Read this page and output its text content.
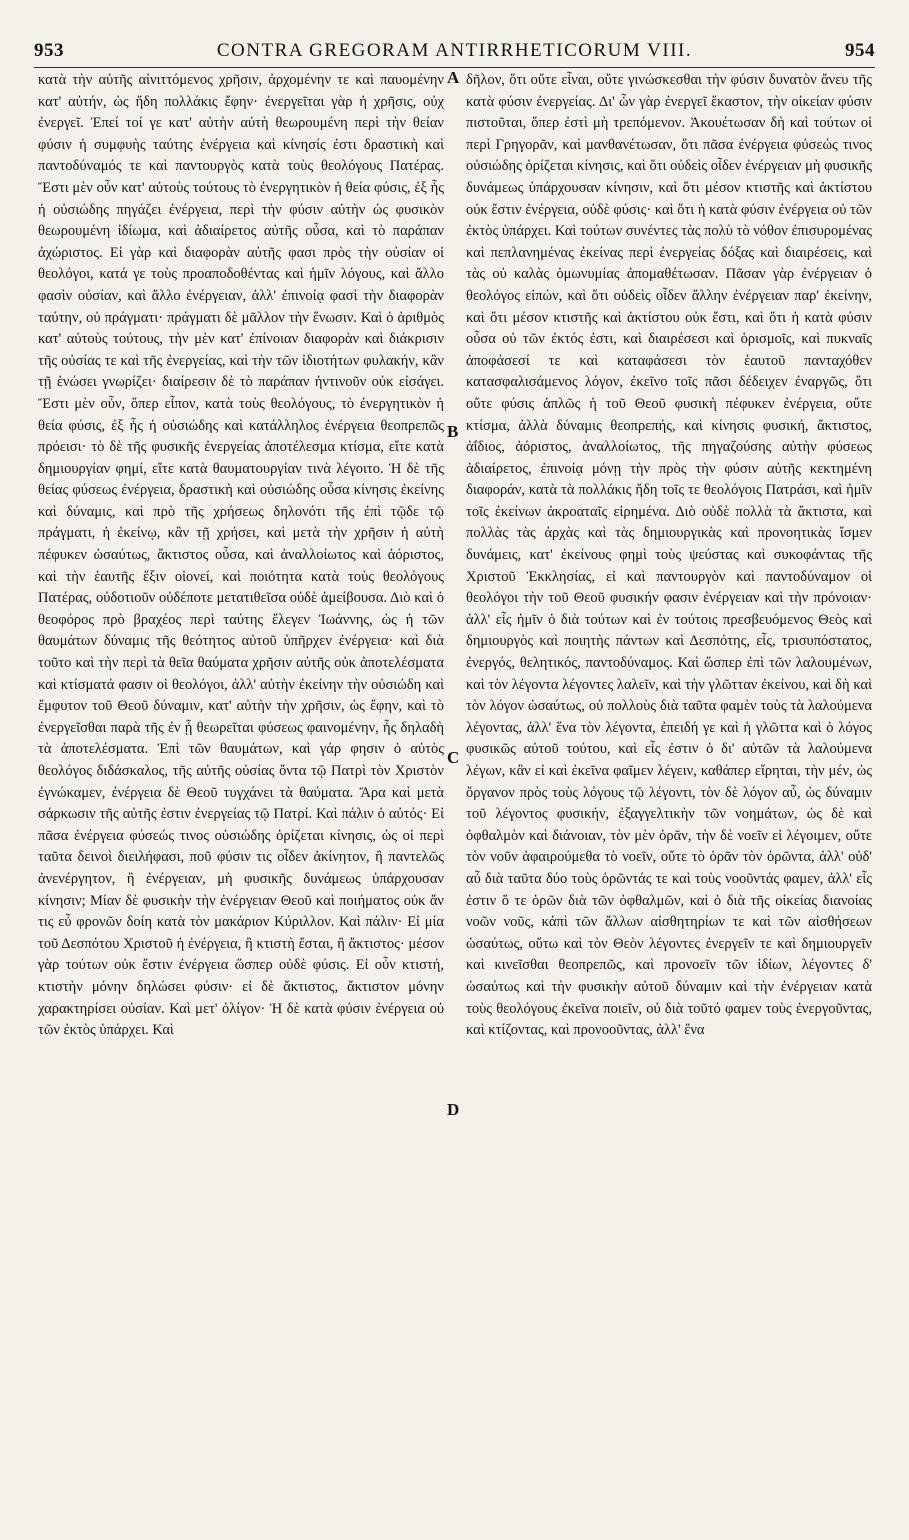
953	CONTRA GREGORAM ANTIRRHETICORUM VIII.	954

κατὰ τὴν αὐτῆς αἰνιττόμενος χρῆσιν, ἀρχομένην τε καὶ παυομένην κατ' αὐτήν, ὡς ἤδη πολλάκις ἔφην· ἐνεργεῖται γὰρ ἡ χρῆσις, οὐχ ἐνεργεῖ. Ἐπεί τοί γε κατ' αὐτὴν αὐτὴ θεωρουμένη περὶ τὴν θείαν φύσιν ἡ συμφυὴς ταύτης ἐνέργεια καὶ κίνησίς ἐστι δραστικὴ καὶ παντοδύναμός τε καὶ παντουργὸς κατὰ τοὺς θεολόγους Πατέρας. Ἔστι μὲν οὖν κατ' αὐτοὺς τούτους τὸ ἐνεργητικὸν ἡ θεία φύσις, ἐξ ἧς ἡ οὐσιώδης πηγάζει ἐνέργεια, περὶ τὴν φύσιν αὐτὴν ὡς φυσικὸν θεωρουμένη ἰδίωμα, καὶ ἀδιαίρετος αὐτῆς οὖσα, καὶ τὸ παράπαν ἀχώριστος. Εἰ γὰρ καὶ διαφορὰν αὐτῆς φασι πρὸς τὴν οὐσίαν οἱ θεολόγοι, κατά γε τοὺς προαποδοθέντας καὶ ἡμῖν λόγους, καὶ ἄλλο φασὶν οὐσίαν, καὶ ἄλλο ἐνέργειαν, ἀλλ' ἐπινοίᾳ φασὶ τὴν διαφορὰν ταύτην, οὐ πράγματι· πράγματι δὲ μᾶλλον τὴν ἕνωσιν. Καὶ ὁ ἀριθμὸς κατ' αὐτοὺς τούτους, τὴν μὲν κατ' ἐπίνοιαν διαφορὰν καὶ διάκρισιν τῆς οὐσίας τε καὶ τῆς ἐνεργείας, καὶ τὴν τῶν ἰδιοτήτων φυλακήν, κἂν τῇ ἑνώσει γνωρίζει· διαίρεσιν δὲ τὸ παράπαν ἡντινοῦν οὐκ εἰσάγει. Ἔστι μὲν οὖν, ὅπερ εἶπον, κατὰ τοὺς θεολόγους, τὸ ἐνεργητικὸν ἡ θεία φύσις, ἐξ ἧς ἡ οὐσιώδης καὶ κατάλληλος ἐνέργεια θεοπρεπῶς πρόεισι· τὸ δὲ τῆς φυσικῆς ἐνεργείας ἀποτέλεσμα κτίσμα, εἴτε κατὰ δημιουργίαν φημί, εἴτε κατὰ θαυματουργίαν τινὰ λέγοιτο. Ἡ δὲ τῆς θείας φύσεως ἐνέργεια, δραστικὴ καὶ οὐσιώδης οὖσα κίνησις ἐκείνης καὶ δύναμις, καὶ πρὸ τῆς χρήσεως δηλονότι τῆς ἐπὶ τῷδε τῷ πράγματι, ἡ ἐκείνῳ, κἂν τῇ χρήσει, καὶ μετὰ τὴν χρῆσιν ἡ αὐτὴ πέφυκεν ὡσαύτως, ἄκτιστος οὖσα, καὶ ἀναλλοίωτος καὶ ἀόριστος, καὶ τὴν ἑαυτῆς ἕξιν οἱονεί, καὶ ποιότητα κατὰ τοὺς θεολόγους Πατέρας, οὐδοτιοῦν οὐδέποτε μετατιθεῖσα οὐδὲ ἀμείβουσα. Διὸ καὶ ὁ θεοφόρος πρὸ βραχέος περὶ ταύτης ἔλεγεν Ἰωάννης, ὡς ἡ τῶν θαυμάτων δύναμις τῆς θεότητος αὐτοῦ ὑπῆρχεν ἐνέργεια· καὶ διὰ τοῦτο καὶ τὴν περὶ τὰ θεῖα θαύματα χρῆσιν αὐτῆς οὐκ ἀποτελέσματα καὶ κτίσματά φασιν οἱ θεολόγοι, ἀλλ' αὐτὴν ἐκείνην τὴν οὐσιώδη καὶ ἔμφυτον τοῦ Θεοῦ δύναμιν, κατ' αὐτὴν τὴν χρῆσιν, ὡς ἔφην, καὶ τὸ ἐνεργεῖσθαι παρὰ τῆς ἐν ᾗ θεωρεῖται φύσεως φαινομένην, ἧς δηλαδὴ τὰ ἀποτελέσματα. Ἐπὶ τῶν θαυμάτων, καὶ γάρ φησιν ὁ αὐτὸς θεολόγος διδάσκαλος, τῆς αὐτῆς οὐσίας ὄντα τῷ Πατρὶ τὸν Χριστὸν ἐγνώκαμεν, ἐνέργεια δὲ Θεοῦ τυγχάνει τὰ θαύματα. Ἄρα καὶ μετὰ σάρκωσιν τῆς αὐτῆς ἐστιν ἐνεργείας τῷ Πατρί. Καὶ πάλιν ὁ αὐτός· Εἰ πᾶσα ἐνέργεια φύσεώς τινος οὐσιώδης ὁρίζεται κίνησις, ὡς οἱ περὶ ταῦτα δεινοὶ διειλήφασι, ποῦ φύσιν τις οἶδεν ἀκίνητον, ἢ παντελῶς ἀνενέργητον, ἢ ἐνέργειαν, μὴ φυσικῆς δυνάμεως ὑπάρχουσαν κίνησιν; Μίαν δὲ φυσικὴν τὴν ἐνέργειαν Θεοῦ καὶ ποιήματος οὐκ ἄν τις εὖ φρονῶν δοίη κατὰ τὸν μακάριον Κύριλλον. Καὶ πάλιν· Εἰ μία τοῦ Δεσπότου Χριστοῦ ἡ ἐνέργεια, ἢ κτιστὴ ἔσται, ἢ ἄκτιστος· μέσον γὰρ τούτων οὐκ ἔστιν ἐνέργεια ὥσπερ οὐδὲ φύσις. Εἰ οὖν κτιστή, κτιστὴν μόνην δηλώσει φύσιν· εἰ δὲ ἄκτιστος, ἄκτιστον μόνην χαρακτηρίσει οὐσίαν. Καὶ μετ' ὀλίγον· Ἡ δὲ κατὰ φύσιν ἐνέργεια οὐ τῶν ἐκτὸς ὑπάρχει. Καὶ

δῆλον, ὅτι οὔτε εἶναι, οὔτε γινώσκεσθαι τὴν φύσιν δυνατὸν ἄνευ τῆς κατὰ φύσιν ἐνεργείας. Δι' ὧν γὰρ ἐνεργεῖ ἕκαστον, τὴν οἰκείαν φύσιν πιστοῦται, ὅπερ ἐστὶ μὴ τρεπόμενον. Ἀκουέτωσαν δὴ καὶ τούτων οἱ περὶ Γρηγορᾶν, καὶ μανθανέτωσαν, ὅτι πᾶσα ἐνέργεια φύσεώς τινος οὐσιώδης ὁρίζεται κίνησις, καὶ ὅτι οὐδεὶς οἶδεν ἐνέργειαν μὴ φυσικῆς δυνάμεως ὑπάρχουσαν κίνησιν, καὶ ὅτι μέσον κτιστῆς καὶ ἀκτίστου οὐκ ἔστιν ἐνέργεια, οὐδὲ φύσις· καὶ ὅτι ἡ κατὰ φύσιν ἐνέργεια οὐ τῶν ἐκτὸς ὑπάρχει. Καὶ τούτων συνέντες τὰς πολὺ τὸ νόθον ἐπισυρομένας καὶ πεπλανημένας ἐκείνας περὶ ἐνεργείας δόξας καὶ διαιρέσεις, καὶ τὰς οὐ καλὰς ὁμωνυμίας ἀπομαθέτωσαν. Πᾶσαν γὰρ ἐνέργειαν ὁ θεολόγος εἰπών, καὶ ὅτι οὐδεὶς οἶδεν ἄλλην ἐνέργειαν παρ' ἐκείνην, καὶ ὅτι μέσον κτιστῆς καὶ ἀκτίστου οὐκ ἔστι, καὶ ὅτι ἡ κατὰ φύσιν οὖσα οὐ τῶν ἐκτός ἐστι, καὶ διαιρέσεσι καὶ ὁρισμοῖς, καὶ πυκναῖς ἀποφάσεσί τε καὶ καταφάσεσι τὸν ἑαυτοῦ πανταχόθεν κατασφαλισάμενος λόγον, ἐκεῖνο τοῖς πᾶσι δέδειχεν ἐναργῶς, ὅτι οὔτε φύσις ἁπλῶς ἡ τοῦ Θεοῦ φυσικὴ πέφυκεν ἐνέργεια, οὔτε κτίσμα, ἀλλὰ δύναμις θεοπρεπής, καὶ κίνησις φυσική, ἄκτιστος, ἀΐδιος, ἀόριστος, ἀναλλοίωτος, τῆς πηγαζούσης αὐτὴν φύσεως ἀδιαίρετος, ἐπινοίᾳ μόνῃ τὴν πρὸς τὴν φύσιν αὐτῆς κεκτημένη διαφοράν, κατὰ τὰ πολλάκις ἤδη τοῖς τε θεολόγοις Πατράσι, καὶ ἡμῖν τοῖς ἐκείνων ἀκροαταῖς εἰρημένα. Διὸ οὐδὲ πολλὰ τὰ ἄκτιστα, καὶ πολλὰς τὰς ἀρχὰς καὶ τὰς δημιουργικὰς καὶ προνοητικὰς ἴσμεν δυνάμεις, κατ' ἐκείνους φημὶ τοὺς ψεύστας καὶ συκοφάντας τῆς Χριστοῦ Ἐκκλησίας, εἰ καὶ παντουργὸν καὶ παντοδύναμον οἱ θεολόγοι τὴν τοῦ Θεοῦ φυσικήν φασιν ἐνέργειαν καὶ τὴν πρόνοιαν· ἀλλ' εἷς ἡμῖν ὁ διὰ τούτων καὶ ἐν τούτοις πρεσβευόμενος Θεὸς καὶ δημιουργὸς καὶ ποιητὴς πάντων καὶ Δεσπότης, εἷς, τρισυπόστατος, ἐνεργός, θελητικός, παντοδύναμος. Καὶ ὥσπερ ἐπὶ τῶν λαλουμένων, καὶ τὸν λέγοντα λέγοντες λαλεῖν, καὶ τὴν γλῶτταν ἐκείνου, καὶ δὴ καὶ τὸν λόγον ὡσαύτως, οὐ πολλοὺς διὰ ταῦτα φαμὲν τοὺς τὰ λαλούμενα λέγοντας, ἀλλ' ἕνα τὸν λέγοντα, ἐπειδή γε καὶ ἡ γλῶττα καὶ ὁ λόγος φυσικῶς αὐτοῦ τούτου, καὶ εἷς ἐστιν ὁ δι' αὐτῶν τὰ λαλούμενα λέγων, κἂν εἰ καὶ ἐκεῖνα φαῖμεν λέγειν, καθάπερ εἴρηται, τὴν μέν, ὡς ὄργανον πρὸς τοὺς λόγους τῷ λέγοντι, τὸν δὲ λόγον αὖ, ὡς δύναμιν τοῦ λέγοντος φυσικήν, ἐξαγγελτικὴν τῶν νοημάτων, ὡς δὲ καὶ ὀφθαλμὸν καὶ διάνοιαν, τὸν μὲν ὁρᾶν, τὴν δὲ νοεῖν εἰ λέγοιμεν, οὔτε τὸν νοῦν ἀφαιρούμεθα τὸ νοεῖν, οὔτε τὸ ὁρᾶν τὸν ὁρῶντα, ἀλλ' οὐδ' αὖ διὰ ταῦτα δύο τοὺς ὁρῶντάς τε καὶ τοὺς νοοῦντάς φαμεν, ἀλλ' εἷς ἐστιν ὅ τε ὁρῶν διὰ τῶν ὀφθαλμῶν, καὶ ὁ διὰ τῆς οἰκείας διανοίας νοῶν νοῦς, κἀπὶ τῶν ἄλλων αἰσθητηρίων τε καὶ τῶν αἰσθήσεων ὡσαύτως, οὕτω καὶ τὸν Θεὸν λέγοντες ἐνεργεῖν τε καὶ δημιουργεῖν καὶ κινεῖσθαι θεοπρεπῶς, καὶ προνοεῖν τῶν ἰδίων, λέγοντες δ' ὡσαύτως καὶ τὴν φυσικὴν αὐτοῦ δύναμιν καὶ τὴν ἐνέργειαν κατὰ τοὺς θεολόγους ἐκεῖνα ποιεῖν, οὐ διὰ τοῦτό φαμεν τοὺς ἐνεργοῦντας, καὶ κτίζοντας, καὶ προνοοῦντας, ἀλλ' ἕνα

A
B
C
D
